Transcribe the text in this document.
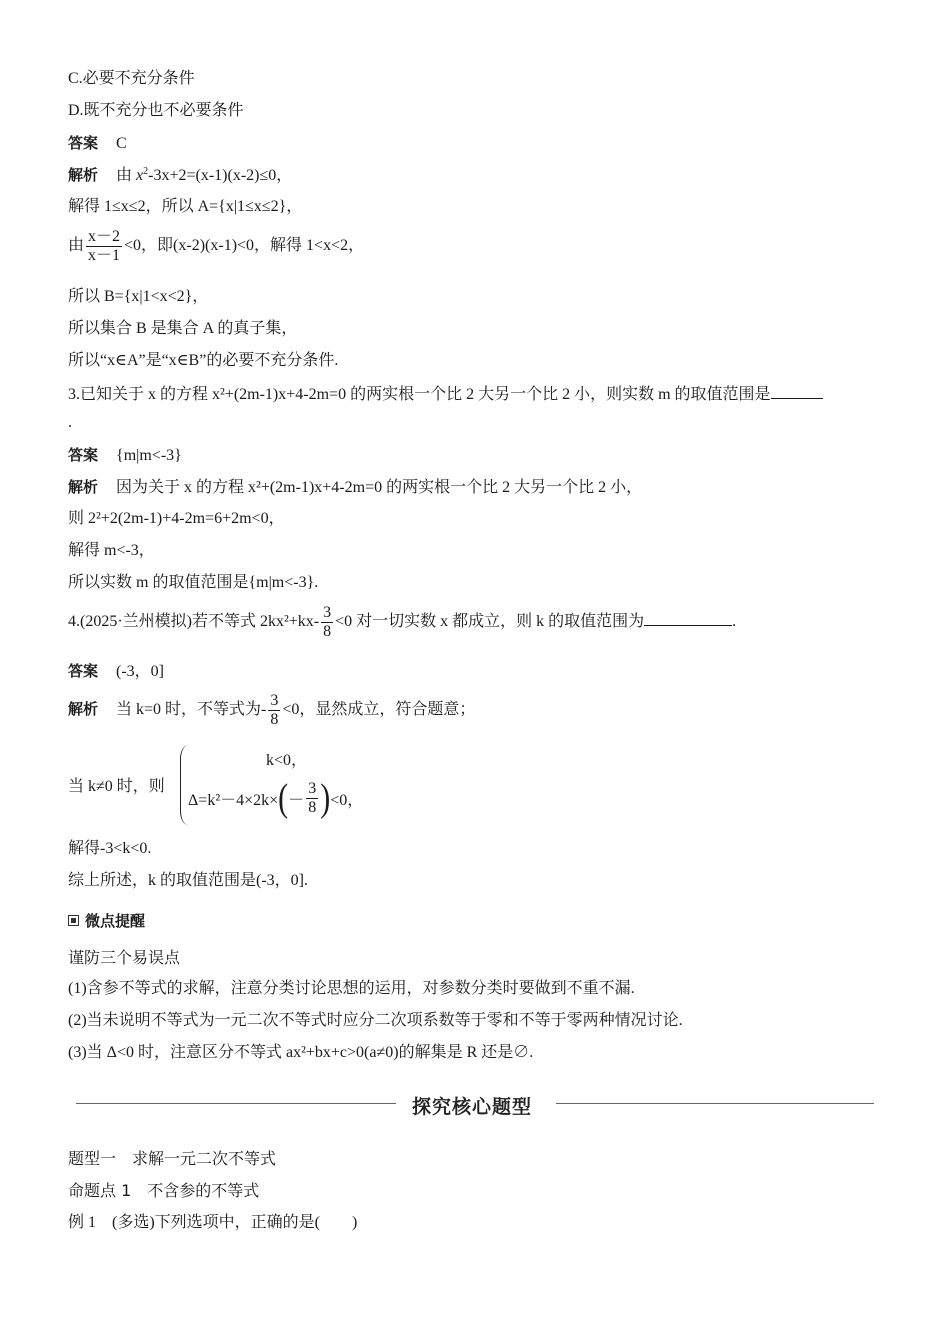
C.必要不充分条件
D.既不充分也不必要条件
答案 C
解析 由 $x^2-3x+2=(x-1)(x-2)\le 0$，
解得 1≤x≤2，所以 A={x|1≤x≤2}，
由 $\frac{x-2}{x-1} <0$，即(x-2)(x-1)<0，解得 1<x<2，
所以 B={x|1<x<2}，
所以集合 B 是集合 A 的真子集，
所以“x∈A”是“x∈B”的必要不充分条件.
3.已知关于 x 的方程 x²+(2m-1)x+4-2m=0 的两实根一个比 2 大另一个比 2 小，则实数 m 的取值范围是
.
答案 {m|m<-3}
解析 因为关于 x 的方程 x²+(2m-1)x+4-2m=0 的两实根一个比 2 大另一个比 2 小，
则 2²+2(2m-1)+4-2m=6+2m<0，
解得 m<-3，
所以实数 m 的取值范围是{m|m<-3}.
4.(2025·兰州模拟)若不等式 $2kx^2+kx- \frac{3}{8} <0$ 对一切实数 x 都成立，则 k 的取值范围为	.
答案 (-3，0]
解析 当 k=0 时，不等式为- $\frac{3}{8} <0$，显然成立，符合题意；
当 k≠0 时，则
k<0，
Δ=k²－4×2k× ( － $\frac{3}{8}$ ) <0，
解得-3<k<0.
综上所述，k 的取值范围是(-3，0].
微点提醒
谨防三个易误点
(1)含参不等式的求解，注意分类讨论思想的运用，对参数分类时要做到不重不漏.
(2)当未说明不等式为一元二次不等式时应分二次项系数等于零和不等于零两种情况讨论.
(3)当 Δ<0 时，注意区分不等式 ax²+bx+c>0(a≠0)的解集是 R 还是∅.
探究核心题型
题型一　求解一元二次不等式
命题点 1　不含参的不等式
例 1　(多选)下列选项中，正确的是(　　)
